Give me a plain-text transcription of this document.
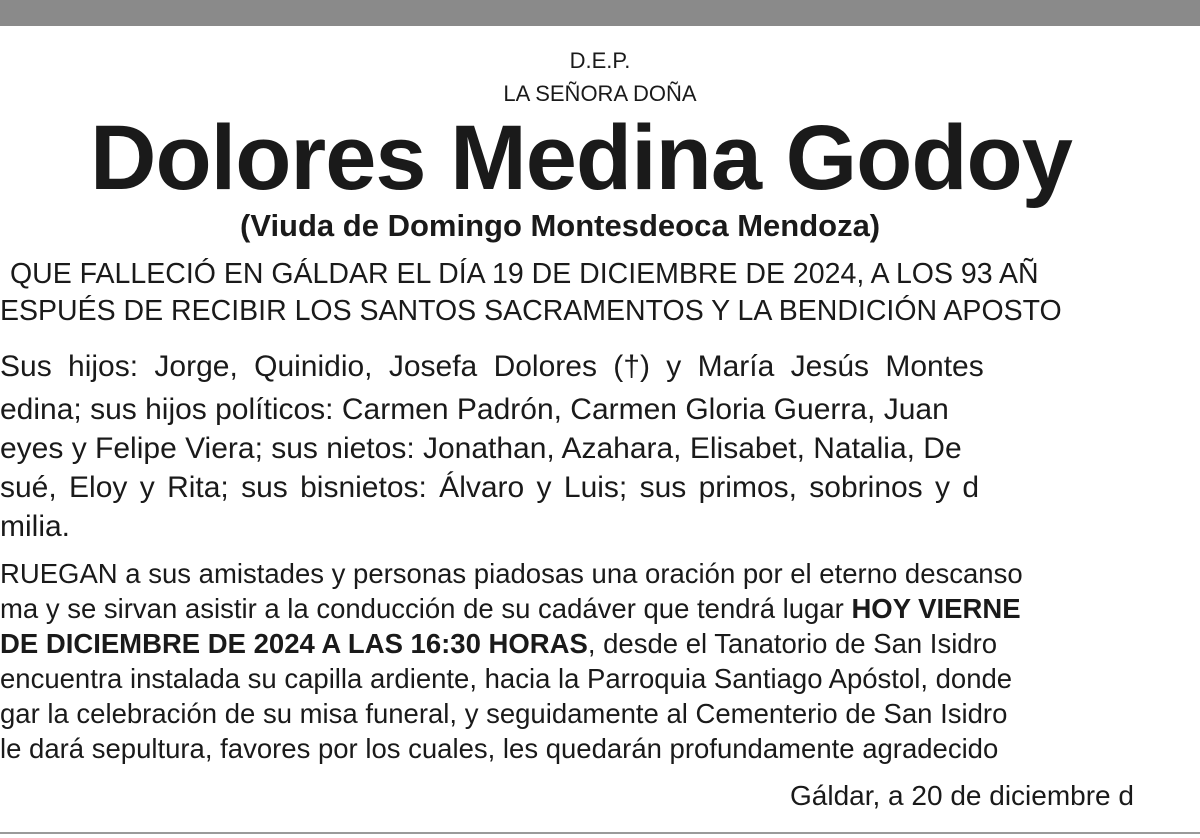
D.E.P.
LA SEÑORA DOÑA
Dolores Medina Godoy
(Viuda de Domingo Montesdeoca Mendoza)
QUE FALLECIÓ EN GÁLDAR EL DÍA 19 DE DICIEMBRE DE 2024, A LOS 93 AÑ
ESPUÉS DE RECIBIR LOS SANTOS SACRAMENTOS Y LA BENDICIÓN APOSTO
Sus hijos: Jorge, Quinidio, Josefa Dolores (†) y María Jesús Montes
edina; sus hijos políticos: Carmen Padrón, Carmen Gloria Guerra, Juan
eyes y Felipe Viera; sus nietos: Jonathan, Azahara, Elisabet, Natalia, De
sué, Eloy y Rita; sus bisnietos: Álvaro y Luis; sus primos, sobrinos y d
milia.
RUEGAN a sus amistades y personas piadosas una oración por el eterno descanso
ma y se sirvan asistir a la conducción de su cadáver que tendrá lugar HOY VIERNE
DE DICIEMBRE DE 2024 A LAS 16:30 HORAS, desde el Tanatorio de San Isidro
encuentra instalada su capilla ardiente, hacia la Parroquia Santiago Apóstol, donde
gar la celebración de su misa funeral, y seguidamente al Cementerio de San Isidro
le dará sepultura, favores por los cuales, les quedarán profundamente agradecido
Gáldar, a 20 de diciembre d
